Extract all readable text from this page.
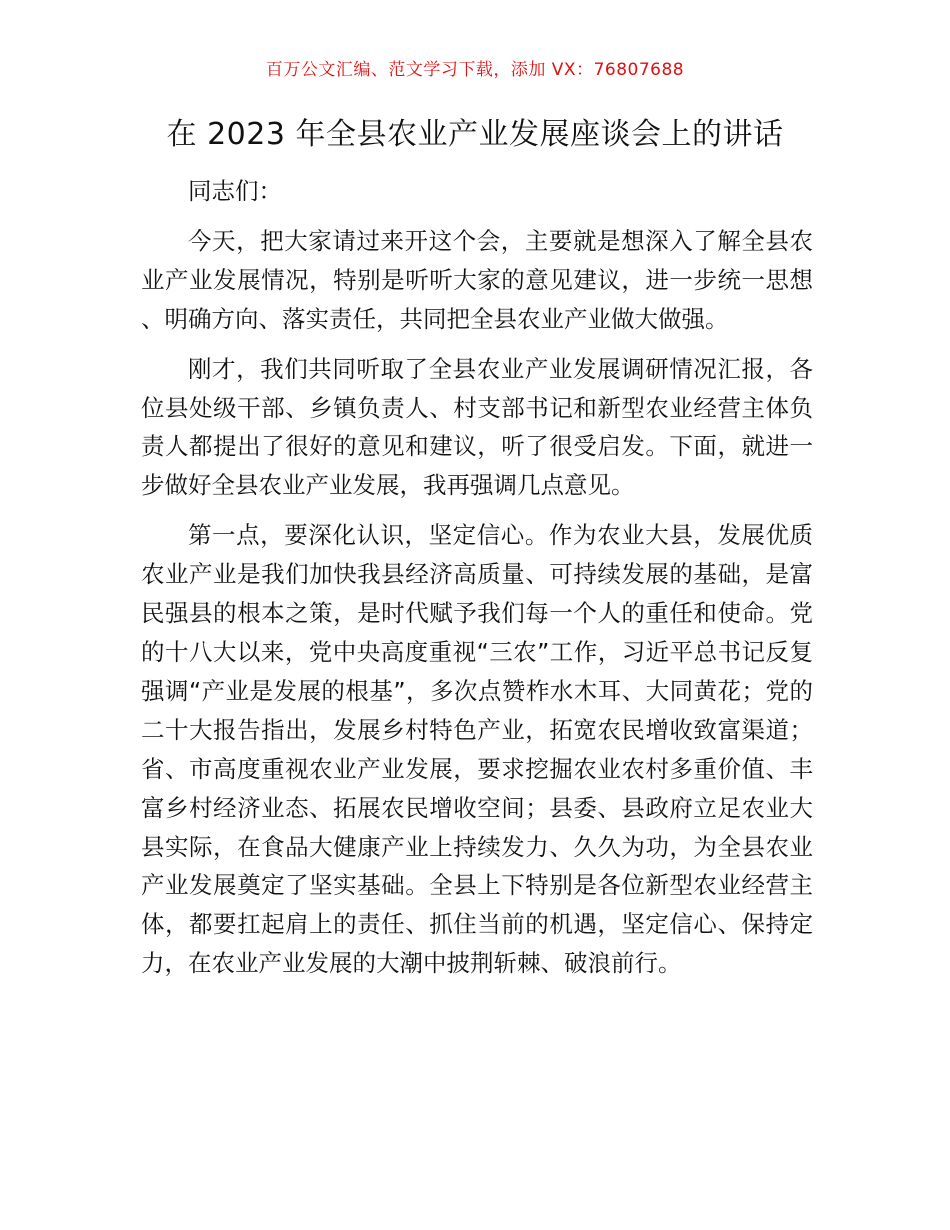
百万公文汇编、范文学习下载，添加 VX：76807688
在 2023 年全县农业产业发展座谈会上的讲话

同志们：

今天，把大家请过来开这个会，主要就是想深入了解全县农业产业发展情况，特别是听听大家的意见建议，进一步统一思想、明确方向、落实责任，共同把全县农业产业做大做强。

刚才，我们共同听取了全县农业产业发展调研情况汇报，各位县处级干部、乡镇负责人、村支部书记和新型农业经营主体负责人都提出了很好的意见和建议，听了很受启发。下面，就进一步做好全县农业产业发展，我再强调几点意见。

第一点，要深化认识，坚定信心。作为农业大县，发展优质农业产业是我们加快我县经济高质量、可持续发展的基础，是富民强县的根本之策，是时代赋予我们每一个人的重任和使命。党的十八大以来，党中央高度重视“三农”工作，习近平总书记反复强调“产业是发展的根基”，多次点赞柞水木耳、大同黄花；党的二十大报告指出，发展乡村特色产业，拓宽农民增收致富渠道；省、市高度重视农业产业发展，要求挖掘农业农村多重价值、丰富乡村经济业态、拓展农民增收空间；县委、县政府立足农业大县实际，在食品大健康产业上持续发力、久久为功，为全县农业产业发展奠定了坚实基础。全县上下特别是各位新型农业经营主体，都要扛起肩上的责任、抓住当前的机遇，坚定信心、保持定力，在农业产业发展的大潮中披荆斩棘、破浪前行。
